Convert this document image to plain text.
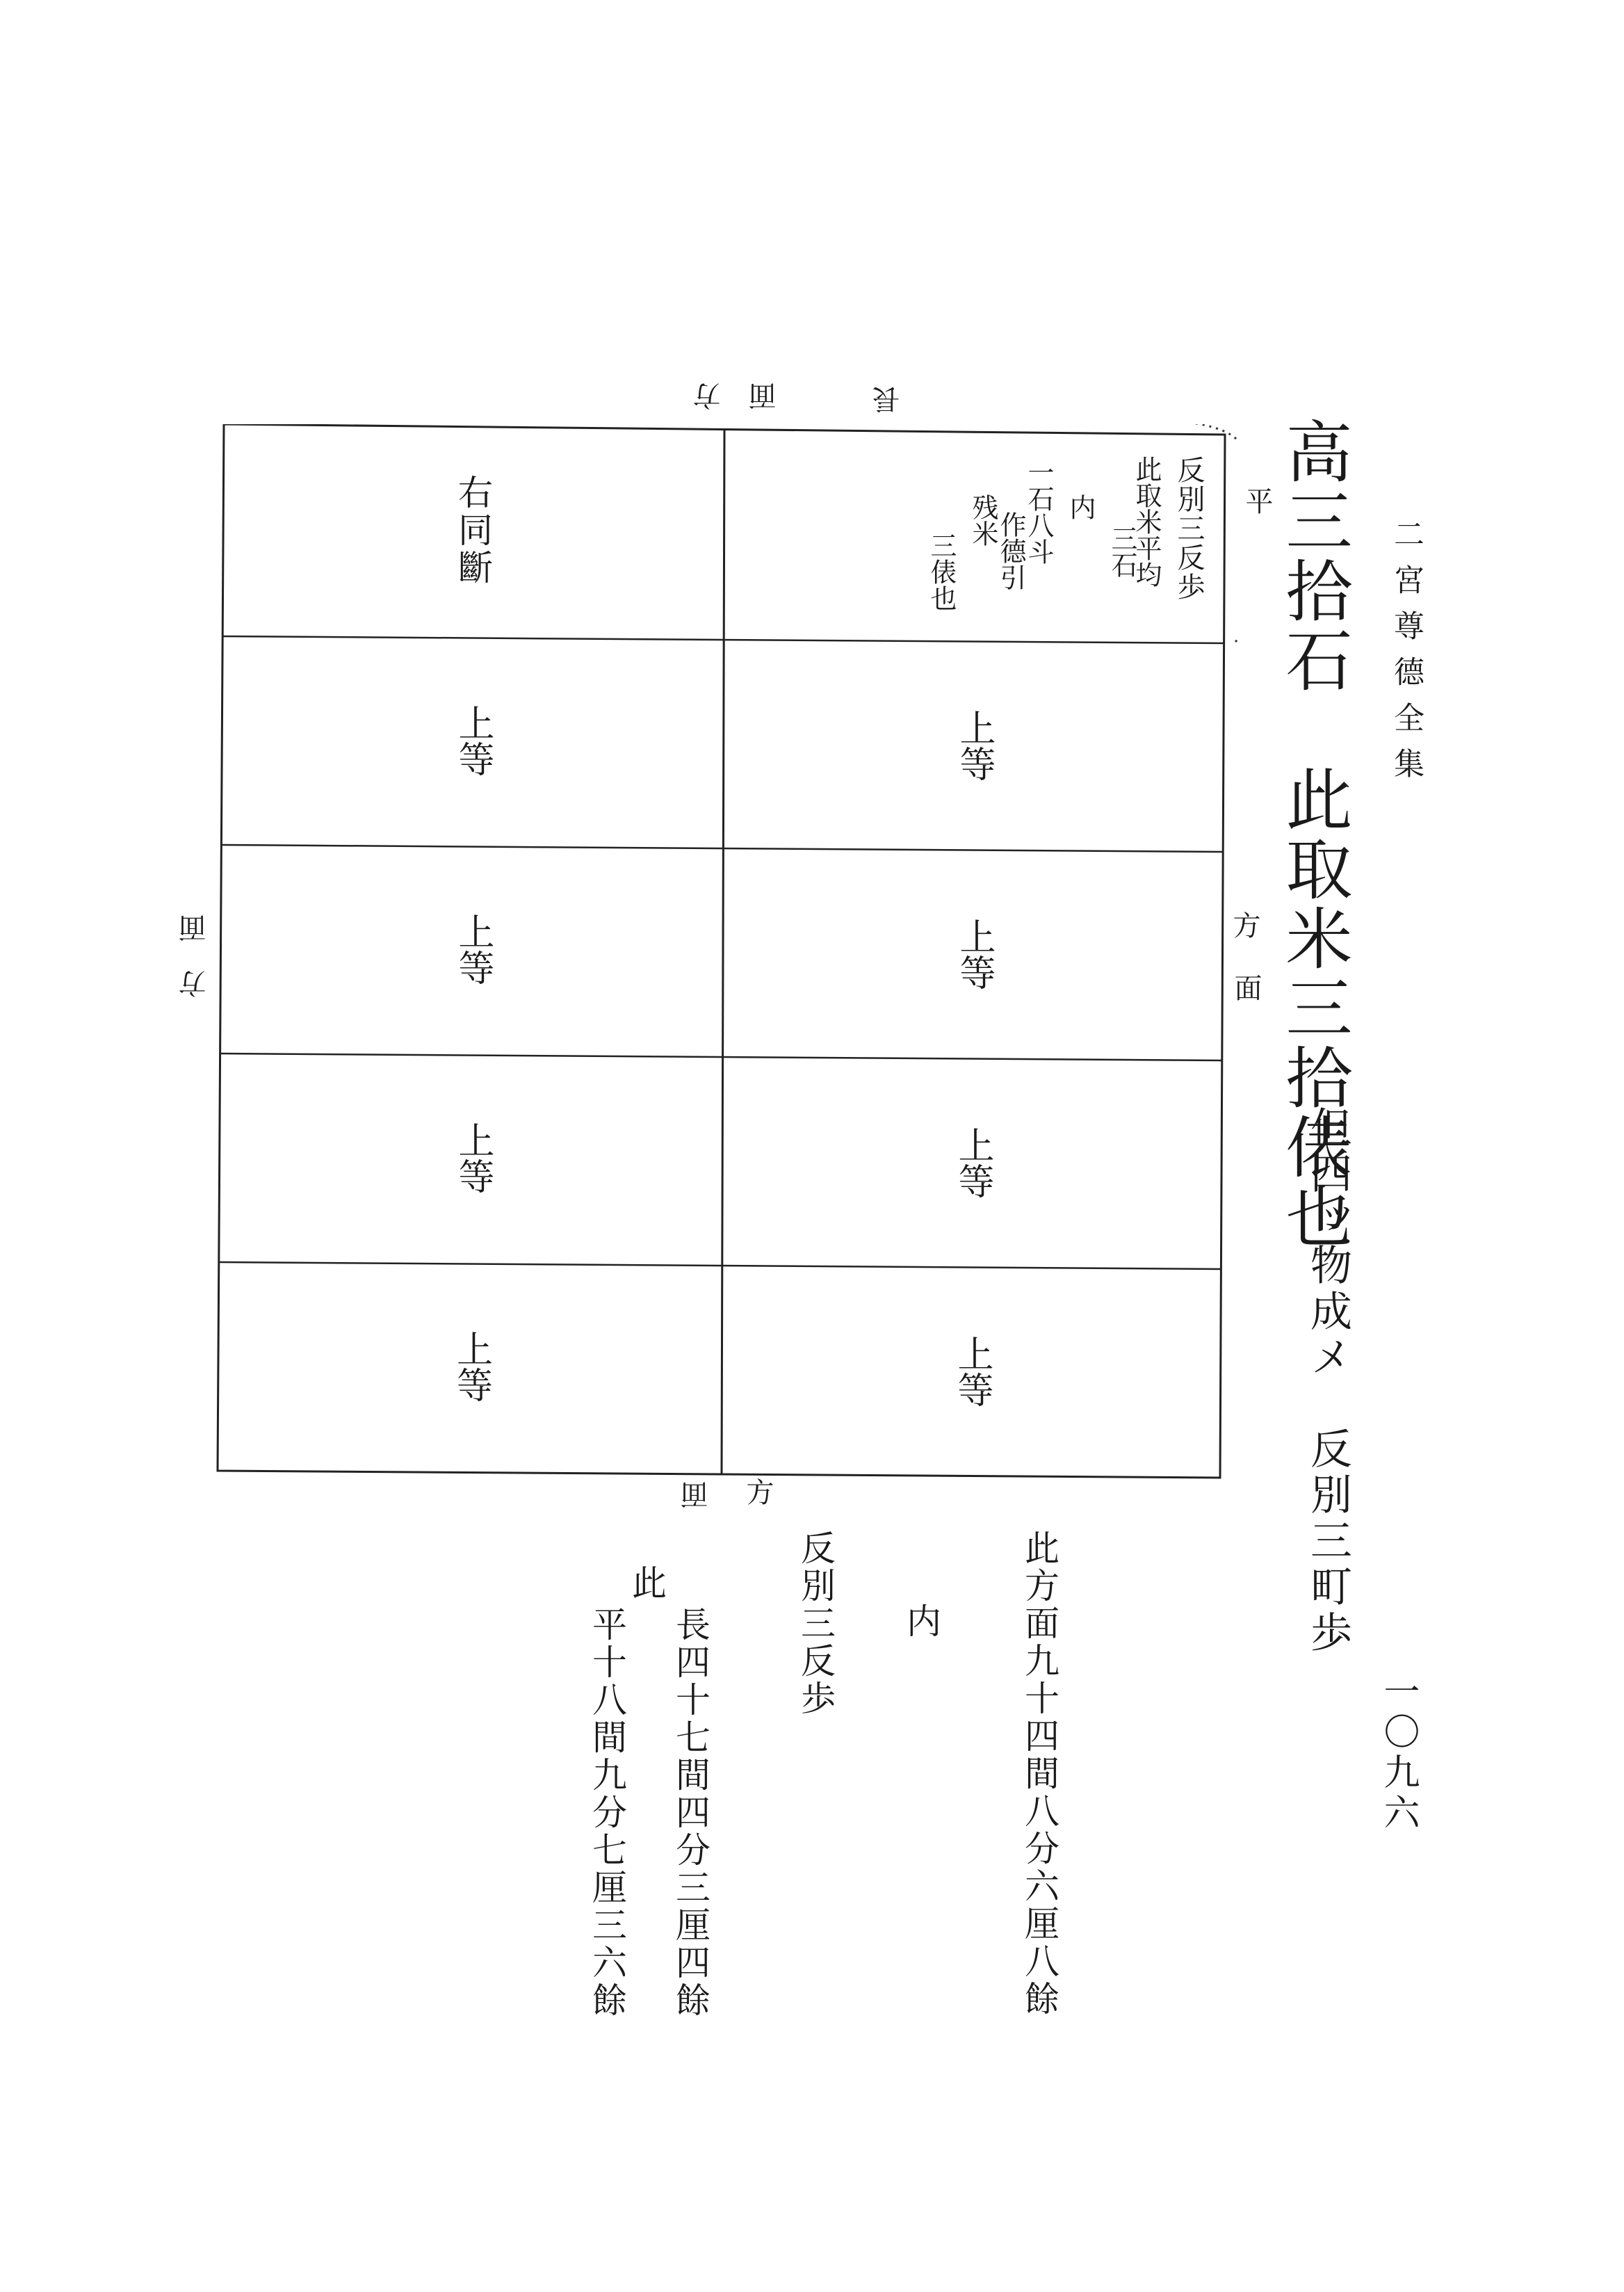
二宮尊德全集
一〇九六
高三拾石　此取米三拾俵也
但四ッ物成メ　反別三町歩
長
平
方 面
方
面
面
方
方
面
反別三反歩
此取米平均
三石
内
一石八斗
作德引
残米
三俵也
右同斷
上等
上等
上等
上等
上等
上等
上等
上等
此方面九十四間八分六厘八餘
内
反別三反歩
此
長四十七間四分三厘四餘
平十八間九分七厘三六餘
